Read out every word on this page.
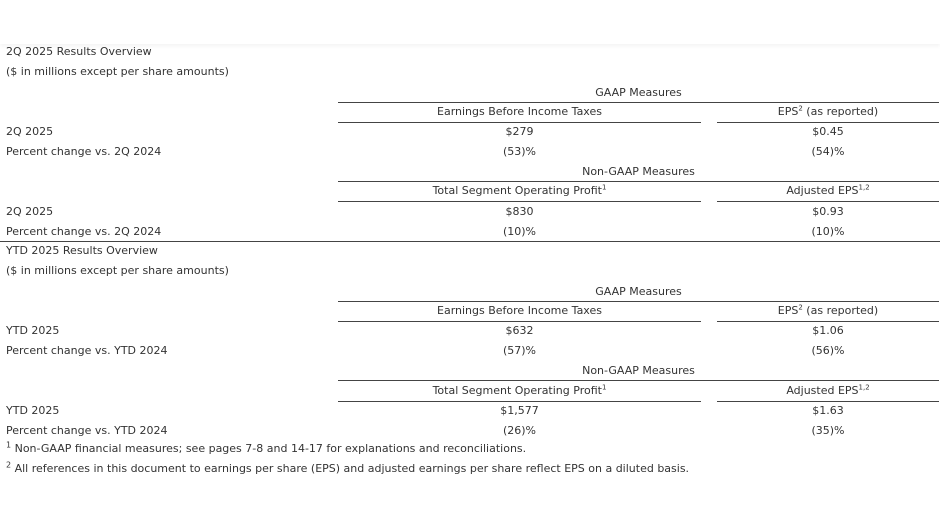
2Q 2025 Results Overview
($ in millions except per share amounts)
GAAP Measures
Earnings Before Income Taxes	EPS$^2$ (as reported)
2Q 2025	$279	$0.45
Percent change vs. 2Q 2024	(53)%	(54)%
Non-GAAP Measures
Total Segment Operating Profit$^1$	Adjusted EPS$^{1,2}$
2Q 2025	$830	$0.93
Percent change vs. 2Q 2024	(10)%	(10)%
YTD 2025 Results Overview
($ in millions except per share amounts)
GAAP Measures
Earnings Before Income Taxes	EPS$^2$ (as reported)
YTD 2025	$632	$1.06
Percent change vs. YTD 2024	(57)%	(56)%
Non-GAAP Measures
Total Segment Operating Profit$^1$	Adjusted EPS$^{1,2}$
YTD 2025	$1,577	$1.63
Percent change vs. YTD 2024	(26)%	(35)%
$^1$ Non-GAAP financial measures; see pages 7-8 and 14-17 for explanations and reconciliations.
$^2$ All references in this document to earnings per share (EPS) and adjusted earnings per share reflect EPS on a diluted basis.
